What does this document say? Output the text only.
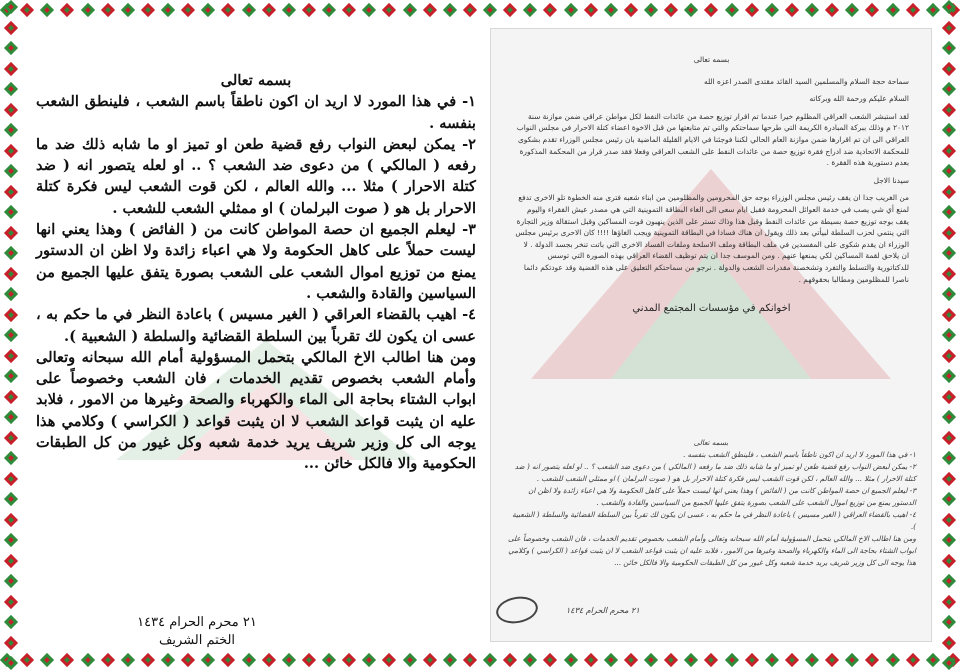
بسمه تعالى

١- في هذا المورد لا اريد ان اكون ناطقاً باسم الشعب ، فلينطق الشعب بنفسه .

٢- يمكن لبعض النواب رفع قضية طعن او تميز او ما شابه ذلك ضد ما رفعه ( المالكي ) من دعوى ضد الشعب ؟ .. او لعله يتصور انه ( ضد كتلة الاحرار ) مثلا ... والله العالم ، لكن قوت الشعب ليس فكرة كتلة الاحرار بل هو ( صوت البرلمان ) او ممثلي الشعب للشعب .

٣- ليعلم الجميع ان حصة المواطن كانت من ( الفائض ) وهذا يعني انها ليست حملاً على كاهل الحكومة ولا هي اعباء زائدة ولا اظن ان الدستور يمنع من توزيع اموال الشعب على الشعب بصورة يتفق عليها الجميع من السياسين والقادة والشعب .

٤- اهيب بالقضاء العراقي ( الغير مسيس ) باعادة النظر في ما حكم به ، عسى ان يكون لك تقرباً بين السلطة القضائية والسلطة ( الشعبية ).

ومن هنا اطالب الاخ المالكي بتحمل المسؤولية أمام الله سبحانه وتعالى وأمام الشعب بخصوص تقديم الخدمات ، فان الشعب وخصوصاً على ابواب الشتاء بحاجة الى الماء والكهرباء والصحة وغيرها من الامور ، فلابد عليه ان يثبت قواعد الشعب لا ان يثبت قواعد ( الكراسي ) وكلامي هذا يوجه الى كل وزير شريف يريد خدمة شعبه وكل غيور من كل الطبقات الحكومية والا فالكل خائن ...

٢١ محرم الحرام ١٤٣٤
الختم الشريف

بسمه تعالى

سماحة حجة السلام والمسلمين السيد القائد مقتدى الصدر اعزه الله

السلام عليكم ورحمة الله وبركاته

لقد استبشر الشعب العراقي المظلوم خيرا عندما تم اقرار توزيع حصة من عائدات النفط لكل مواطن عراقي ضمن موازنة سنة ٢٠١٢ م وذلك ببركة المبادرة الكريمة التي طرحها سماحتكم والتي تم متابعتها من قبل الاخوة اعضاء كتلة الاحرار في مجلس النواب العراقي الى ان تم اقرارها ضمن موازنة العام الحالي لكننا فوجئنا في الايام القليلة الماضية بان رئيس مجلس الوزراء تقدم بشكوى للمحكمة الاتحادية ضد ادراج فقرة توزيع حصة من عائدات النفط على الشعب العراقي وفعلا فقد صدر قرار من المحكمة المذكورة بعدم دستورية هذه الفقرة .

سيدنا الاجل

من الغريب جدا ان يقف رئيس مجلس الوزراء بوجه حق المحرومين والمظلومين من ابناء شعبه فترى منه الخطوة تلو الاخرى تدفع لمنع أي شي يصب في خدمة العوائل المحرومة فقبل ايام سعى الى الغاء البطاقة التموينية التي هي مصدر عيش الفقراء واليوم يقف بوجه توزيع حصة بسيطة من عائدات النفط وقبل هذا وذاك تستر على الذين ينهبون قوت المساكين وقبل استقالة وزير التجارة التي ينتمي لحزب السلطة لبيأتي بعد ذلك ويقول ان هناك فسادا في البطاقة التموينية ويجب الغاؤها !!!! كان الاحرى برئيس مجلس الوزراء ان يقدم شكوى على المفسدين في ملف البطاقة وملف الاسلحة وملفات الفساد الاخرى التي باتت تنخر بجسد الدولة . لا ان يلاحق لقمة المساكين لكي يمنعها عنهم . ومن الموسف جدا ان يتم توظيف القضاء العراقي بهذه الصورة التي توسس للدكتاتورية والتسلط والتفرد وتشخصنة مقدرات الشعب والدولة . نرجو من سماحتكم التعليق على هذه القضية وقد عودتكم دائما ناصرا للمظلومين ومطالبا بحقوقهم .

اخوانكم في مؤسسات المجتمع المدني

بسمه تعالى

١- في هذا المورد لا اريد ان اكون ناطقاً باسم الشعب ، فلينطق الشعب بنفسه .

٢- يمكن لبعض النواب رفع قضية طعن او تميز او ما شابه ذلك ضد ما رفعه ( المالكي ) من دعوى ضد الشعب ؟ .. او لعله يتصور انه ( ضد كتلة الاحرار ) مثلا ... والله العالم ، لكن قوت الشعب ليس فكرة كتلة الاحرار بل هو ( صوت البرلمان ) او ممثلي الشعب للشعب .

٣- ليعلم الجميع ان حصة المواطن كانت من ( الفائض ) وهذا يعني انها ليست حملاً على كاهل الحكومة ولا هي اعباء زائدة ولا اظن ان الدستور يمنع من توزيع اموال الشعب على الشعب بصورة يتفق عليها الجميع من السياسين والقادة والشعب .

٤- اهيب بالقضاء العراقي ( الغير مسيس ) باعادة النظر في ما حكم به ، عسى ان يكون لك تقرباً بين السلطة القضائية والسلطة ( الشعبية ).

ومن هنا اطالب الاخ المالكي بتحمل المسؤولية أمام الله سبحانه وتعالى وأمام الشعب بخصوص تقديم الخدمات ، فان الشعب وخصوصاً على ابواب الشتاء بحاجة الى الماء والكهرباء والصحة وغيرها من الامور ، فلابد عليه ان يثبت قواعد الشعب لا ان يثبت قواعد ( الكراسي ) وكلامي هذا يوجه الى كل وزير شريف يريد خدمة شعبه وكل غيور من كل الطبقات الحكومية والا فالكل خائن ...

٢١ محرم الحرام ١٤٣٤
